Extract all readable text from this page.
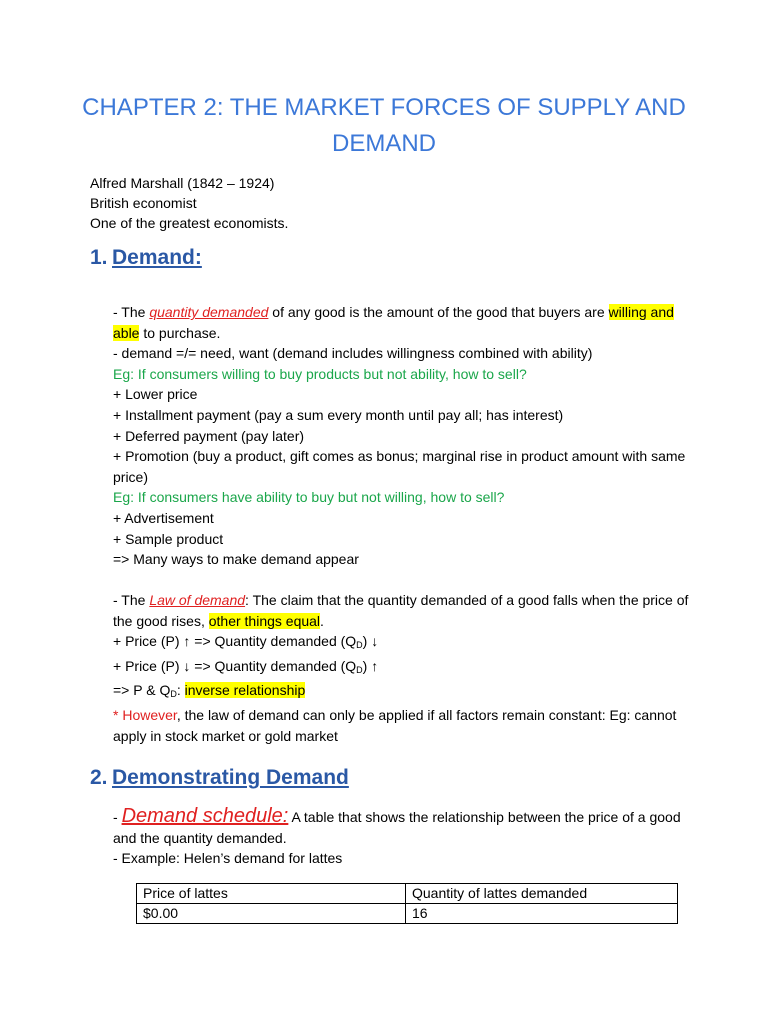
CHAPTER 2: THE MARKET FORCES OF SUPPLY AND DEMAND
Alfred Marshall (1842 – 1924)
British economist
One of the greatest economists.
1. Demand:
- The quantity demanded of any good is the amount of the good that buyers are willing and able to purchase.
- demand =/= need, want (demand includes willingness combined with ability)
Eg: If consumers willing to buy products but not ability, how to sell?
+ Lower price
+ Installment payment (pay a sum every month until pay all; has interest)
+ Deferred payment (pay later)
+ Promotion (buy a product, gift comes as bonus; marginal rise in product amount with same price)
Eg: If consumers have ability to buy but not willing, how to sell?
+ Advertisement
+ Sample product
=> Many ways to make demand appear
- The Law of demand: The claim that the quantity demanded of a good falls when the price of the good rises, other things equal.
+ Price (P) ↑ => Quantity demanded $(Q_D)$ ↓
+ Price (P) ↓ => Quantity demanded $(Q_D)$ ↑
=> P & $Q_D$: inverse relationship
* However, the law of demand can only be applied if all factors remain constant: Eg: cannot apply in stock market or gold market
2. Demonstrating Demand
- Demand schedule: A table that shows the relationship between the price of a good and the quantity demanded.
- Example: Helen’s demand for lattes
Price of lattes	Quantity of lattes demanded
$0.00	16
